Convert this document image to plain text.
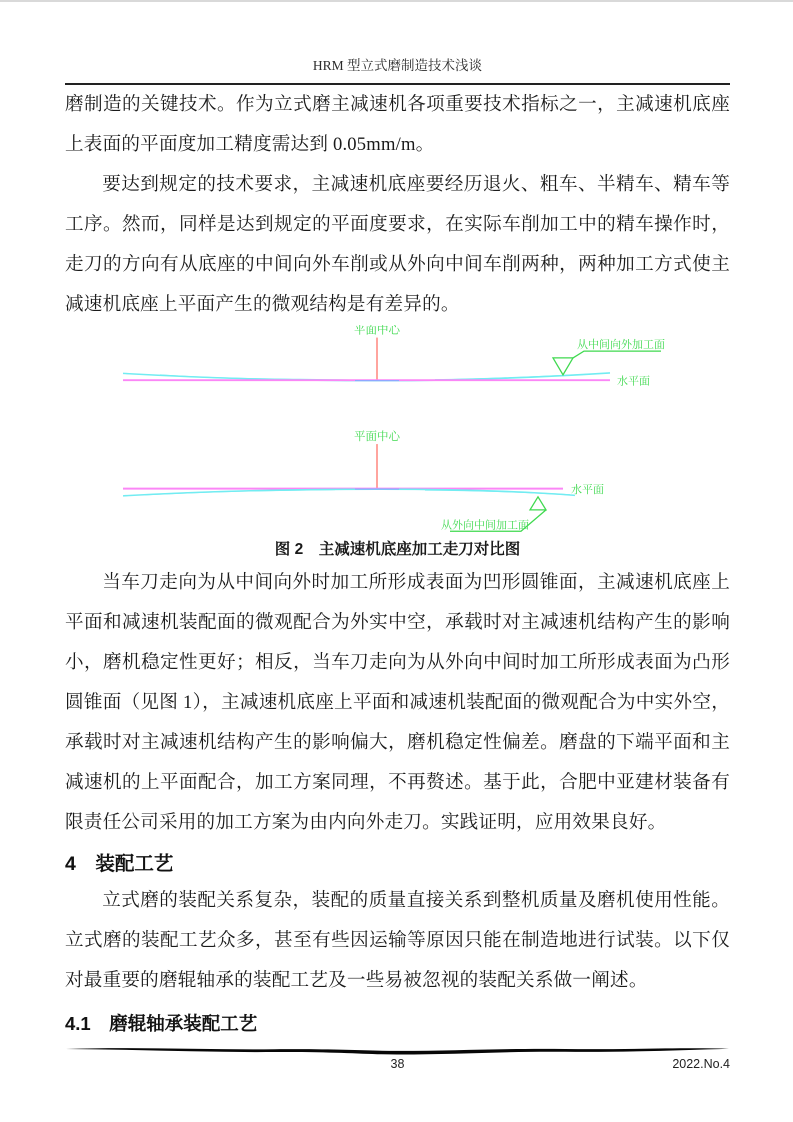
HRM 型立式磨制造技术浅谈

磨制造的关键技术。作为立式磨主减速机各项重要技术指标之一，主减速机底座上表面的平面度加工精度需达到 0.05mm/m。

要达到规定的技术要求，主减速机底座要经历退火、粗车、半精车、精车等工序。然而，同样是达到规定的平面度要求，在实际车削加工中的精车操作时，走刀的方向有从底座的中间向外车削或从外向中间车削两种，两种加工方式使主减速机底座上平面产生的微观结构是有差异的。

平面中心
从中间向外加工面
水平面
平面中心
从外向中间加工面
水平面
图 2　主减速机底座加工走刀对比图

当车刀走向为从中间向外时加工所形成表面为凹形圆锥面，主减速机底座上平面和减速机装配面的微观配合为外实中空，承载时对主减速机结构产生的影响小，磨机稳定性更好；相反，当车刀走向为从外向中间时加工所形成表面为凸形圆锥面（见图 1），主减速机底座上平面和减速机装配面的微观配合为中实外空，承载时对主减速机结构产生的影响偏大，磨机稳定性偏差。磨盘的下端平面和主减速机的上平面配合，加工方案同理，不再赘述。基于此，合肥中亚建材装备有限责任公司采用的加工方案为由内向外走刀。实践证明，应用效果良好。

4　装配工艺

立式磨的装配关系复杂，装配的质量直接关系到整机质量及磨机使用性能。立式磨的装配工艺众多，甚至有些因运输等原因只能在制造地进行试装。以下仅对最重要的磨辊轴承的装配工艺及一些易被忽视的装配关系做一阐述。

4.1　磨辊轴承装配工艺
38	2022.No.4
